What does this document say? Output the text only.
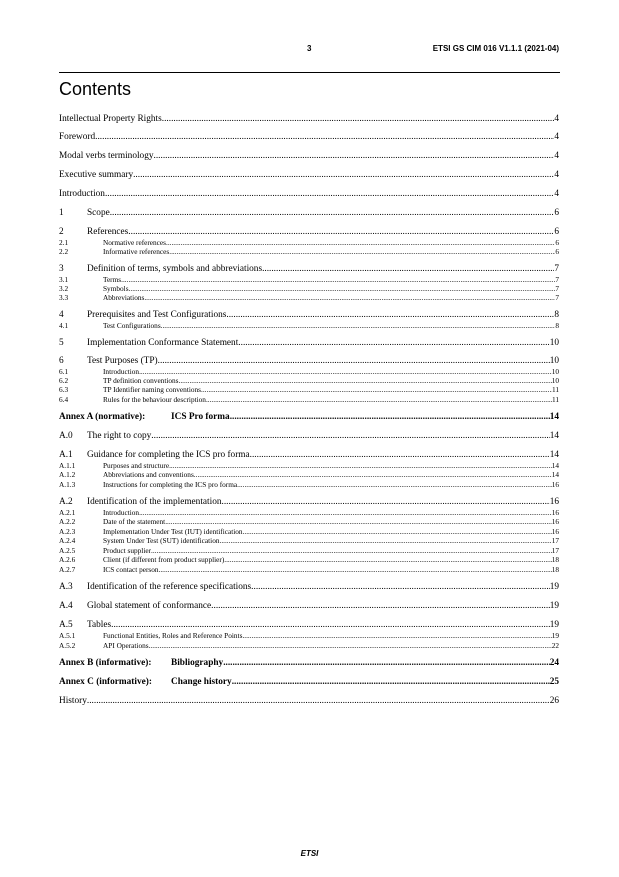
3	ETSI GS CIM 016 V1.1.1 (2021-04)
Contents
Intellectual Property Rights .....	4
Foreword .....	4
Modal verbs terminology .....	4
Executive summary .....	4
Introduction .....	4
1	Scope .....	6
2	References .....	6
2.1	Normative references .....	6
2.2	Informative references .....	6
3	Definition of terms, symbols and abbreviations .....	7
3.1	Terms .....	7
3.2	Symbols .....	7
3.3	Abbreviations .....	7
4	Prerequisites and Test Configurations .....	8
4.1	Test Configurations .....	8
5	Implementation Conformance Statement .....	10
6	Test Purposes (TP) .....	10
6.1	Introduction .....	10
6.2	TP definition conventions .....	10
6.3	TP Identifier naming conventions .....	11
6.4	Rules for the behaviour description .....	11
Annex A (normative):	ICS Pro forma .....	14
A.0	The right to copy .....	14
A.1	Guidance for completing the ICS pro forma .....	14
A.1.1	Purposes and structure .....	14
A.1.2	Abbreviations and conventions .....	14
A.1.3	Instructions for completing the ICS pro forma .....	16
A.2	Identification of the implementation .....	16
A.2.1	Introduction .....	16
A.2.2	Date of the statement .....	16
A.2.3	Implementation Under Test (IUT) identification .....	16
A.2.4	System Under Test (SUT) identification .....	17
A.2.5	Product supplier .....	17
A.2.6	Client (if different from product supplier) .....	18
A.2.7	ICS contact person .....	18
A.3	Identification of the reference specifications .....	19
A.4	Global statement of conformance .....	19
A.5	Tables .....	19
A.5.1	Functional Entities, Roles and Reference Points .....	19
A.5.2	API Operations .....	22
Annex B (informative):	Bibliography .....	24
Annex C (informative):	Change history .....	25
History .....	26
ETSI
